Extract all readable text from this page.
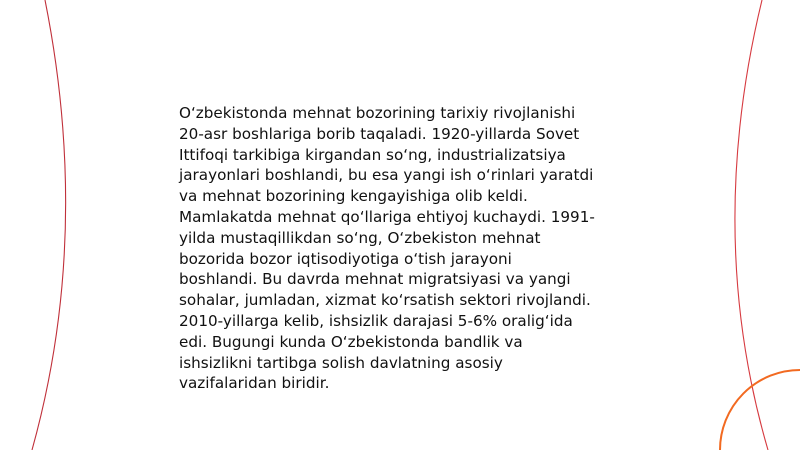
O‘zbekistonda mehnat bozorining tarixiy rivojlanishi
20-asr boshlariga borib taqaladi. 1920-yillarda Sovet
Ittifoqi tarkibiga kirgandan so‘ng, industrializatsiya
jarayonlari boshlandi, bu esa yangi ish o‘rinlari yaratdi
va mehnat bozorining kengayishiga olib keldi.
Mamlakatda mehnat qo‘llariga ehtiyoj kuchaydi. 1991-
yilda mustaqillikdan so‘ng, O‘zbekiston mehnat
bozorida bozor iqtisodiyotiga o‘tish jarayoni
boshlandi. Bu davrda mehnat migratsiyasi va yangi
sohalar, jumladan, xizmat ko‘rsatish sektori rivojlandi.
2010-yillarga kelib, ishsizlik darajasi 5-6% oralig‘ida
edi. Bugungi kunda O‘zbekistonda bandlik va
ishsizlikni tartibga solish davlatning asosiy
vazifalaridan biridir.
